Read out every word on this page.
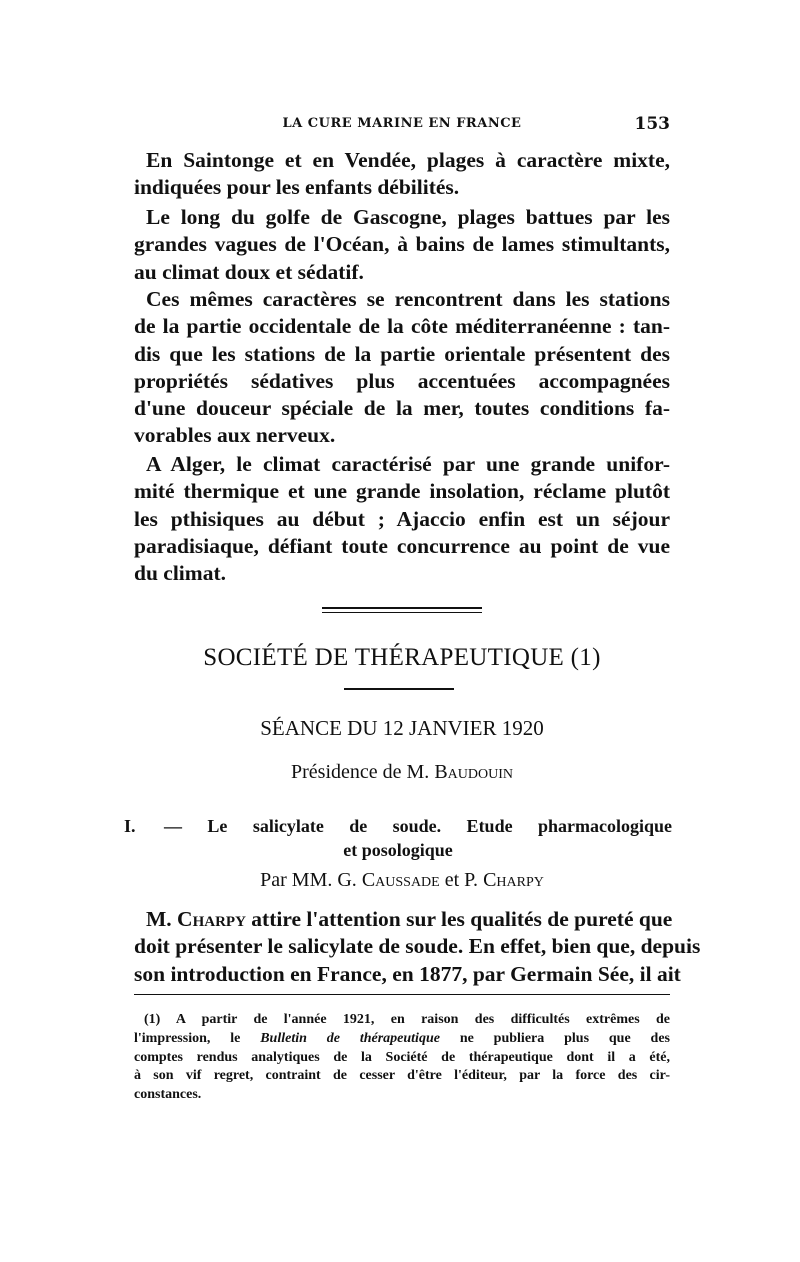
LA CURE MARINE EN FRANCE	153
En Saintonge et en Vendée, plages à caractère mixte,
indiquées pour les enfants débilités.
Le long du golfe de Gascogne, plages battues par les
grandes vagues de l'Océan, à bains de lames stimultants,
au climat doux et sédatif.
Ces mêmes caractères se rencontrent dans les stations
de la partie occidentale de la côte méditerranéenne : tan-
dis que les stations de la partie orientale présentent des
propriétés sédatives plus accentuées accompagnées
d'une douceur spéciale de la mer, toutes conditions fa-
vorables aux nerveux.
A Alger, le climat caractérisé par une grande unifor-
mité thermique et une grande insolation, réclame plutôt
les pthisiques au début ; Ajaccio enfin est un séjour
paradisiaque, défiant toute concurrence au point de vue
du climat.
SOCIÉTÉ DE THÉRAPEUTIQUE (1)
SÉANCE DU 12 JANVIER 1920
Présidence de M. Baudouin
I. — Le salicylate de soude. Etude pharmacologique
et posologique
Par MM. G. Caussade et P. Charpy
M. Charpy attire l'attention sur les qualités de pureté que
doit présenter le salicylate de soude. En effet, bien que, depuis
son introduction en France, en 1877, par Germain Sée, il ait
(1) A partir de l'année 1921, en raison des difficultés extrêmes de
l'impression, le Bulletin de thérapeutique ne publiera plus que des
comptes rendus analytiques de la Société de thérapeutique dont il a été,
à son vif regret, contraint de cesser d'être l'éditeur, par la force des cir-
constances.
